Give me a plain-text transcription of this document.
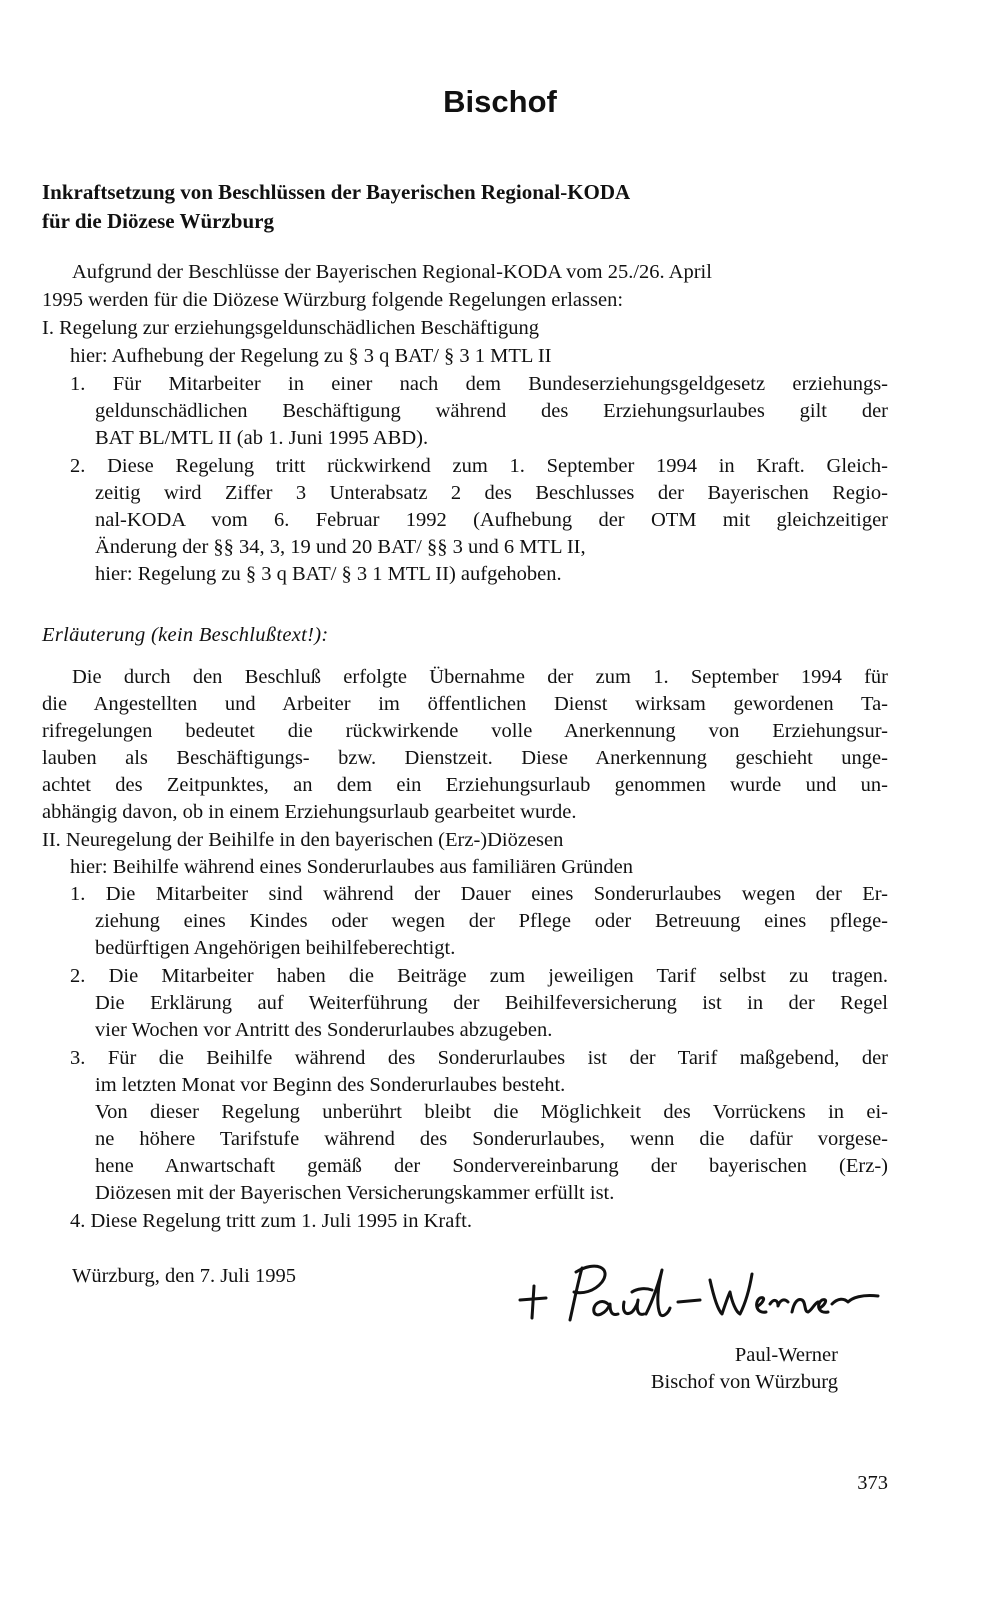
Bischof
Inkraftsetzung von Beschlüssen der Bayerischen Regional-KODA
für die Diözese Würzburg

Aufgrund der Beschlüsse der Bayerischen Regional-KODA vom 25./26. April

1995 werden für die Diözese Würzburg folgende Regelungen erlassen:

I. Regelung zur erziehungsgeldunschädlichen Beschäftigung

hier: Aufhebung der Regelung zu § 3 q BAT/ § 3 1 MTL II

1. Für Mitarbeiter in einer nach dem Bundeserziehungsgeldgesetz erziehungs-

geldunschädlichen Beschäftigung während des Erziehungsurlaubes gilt der

BAT BL/MTL II (ab 1. Juni 1995 ABD).

2. Diese Regelung tritt rückwirkend zum 1. September 1994 in Kraft. Gleich-

zeitig wird Ziffer 3 Unterabsatz 2 des Beschlusses der Bayerischen Regio-

nal-KODA vom 6. Februar 1992 (Aufhebung der OTM mit gleichzeitiger

Änderung der §§ 34, 3, 19 und 20 BAT/ §§ 3 und 6 MTL II,

hier: Regelung zu § 3 q BAT/ § 3 1 MTL II) aufgehoben.

Erläuterung (kein Beschlußtext!):

Die durch den Beschluß erfolgte Übernahme der zum 1. September 1994 für

die Angestellten und Arbeiter im öffentlichen Dienst wirksam gewordenen Ta-

rifregelungen bedeutet die rückwirkende volle Anerkennung von Erziehungsur-

lauben als Beschäftigungs- bzw. Dienstzeit. Diese Anerkennung geschieht unge-

achtet des Zeitpunktes, an dem ein Erziehungsurlaub genommen wurde und un-

abhängig davon, ob in einem Erziehungsurlaub gearbeitet wurde.

II. Neuregelung der Beihilfe in den bayerischen (Erz-)Diözesen

hier: Beihilfe während eines Sonderurlaubes aus familiären Gründen

1. Die Mitarbeiter sind während der Dauer eines Sonderurlaubes wegen der Er-

ziehung eines Kindes oder wegen der Pflege oder Betreuung eines pflege-

bedürftigen Angehörigen beihilfeberechtigt.

2. Die Mitarbeiter haben die Beiträge zum jeweiligen Tarif selbst zu tragen.

Die Erklärung auf Weiterführung der Beihilfeversicherung ist in der Regel

vier Wochen vor Antritt des Sonderurlaubes abzugeben.

3. Für die Beihilfe während des Sonderurlaubes ist der Tarif maßgebend, der

im letzten Monat vor Beginn des Sonderurlaubes besteht.

Von dieser Regelung unberührt bleibt die Möglichkeit des Vorrückens in ei-

ne höhere Tarifstufe während des Sonderurlaubes, wenn die dafür vorgese-

hene Anwartschaft gemäß der Sondervereinbarung der bayerischen (Erz-)

Diözesen mit der Bayerischen Versicherungskammer erfüllt ist.

4. Diese Regelung tritt zum 1. Juli 1995 in Kraft.

Würzburg, den 7. Juli 1995

Paul-Werner
Bischof von Würzburg
373
